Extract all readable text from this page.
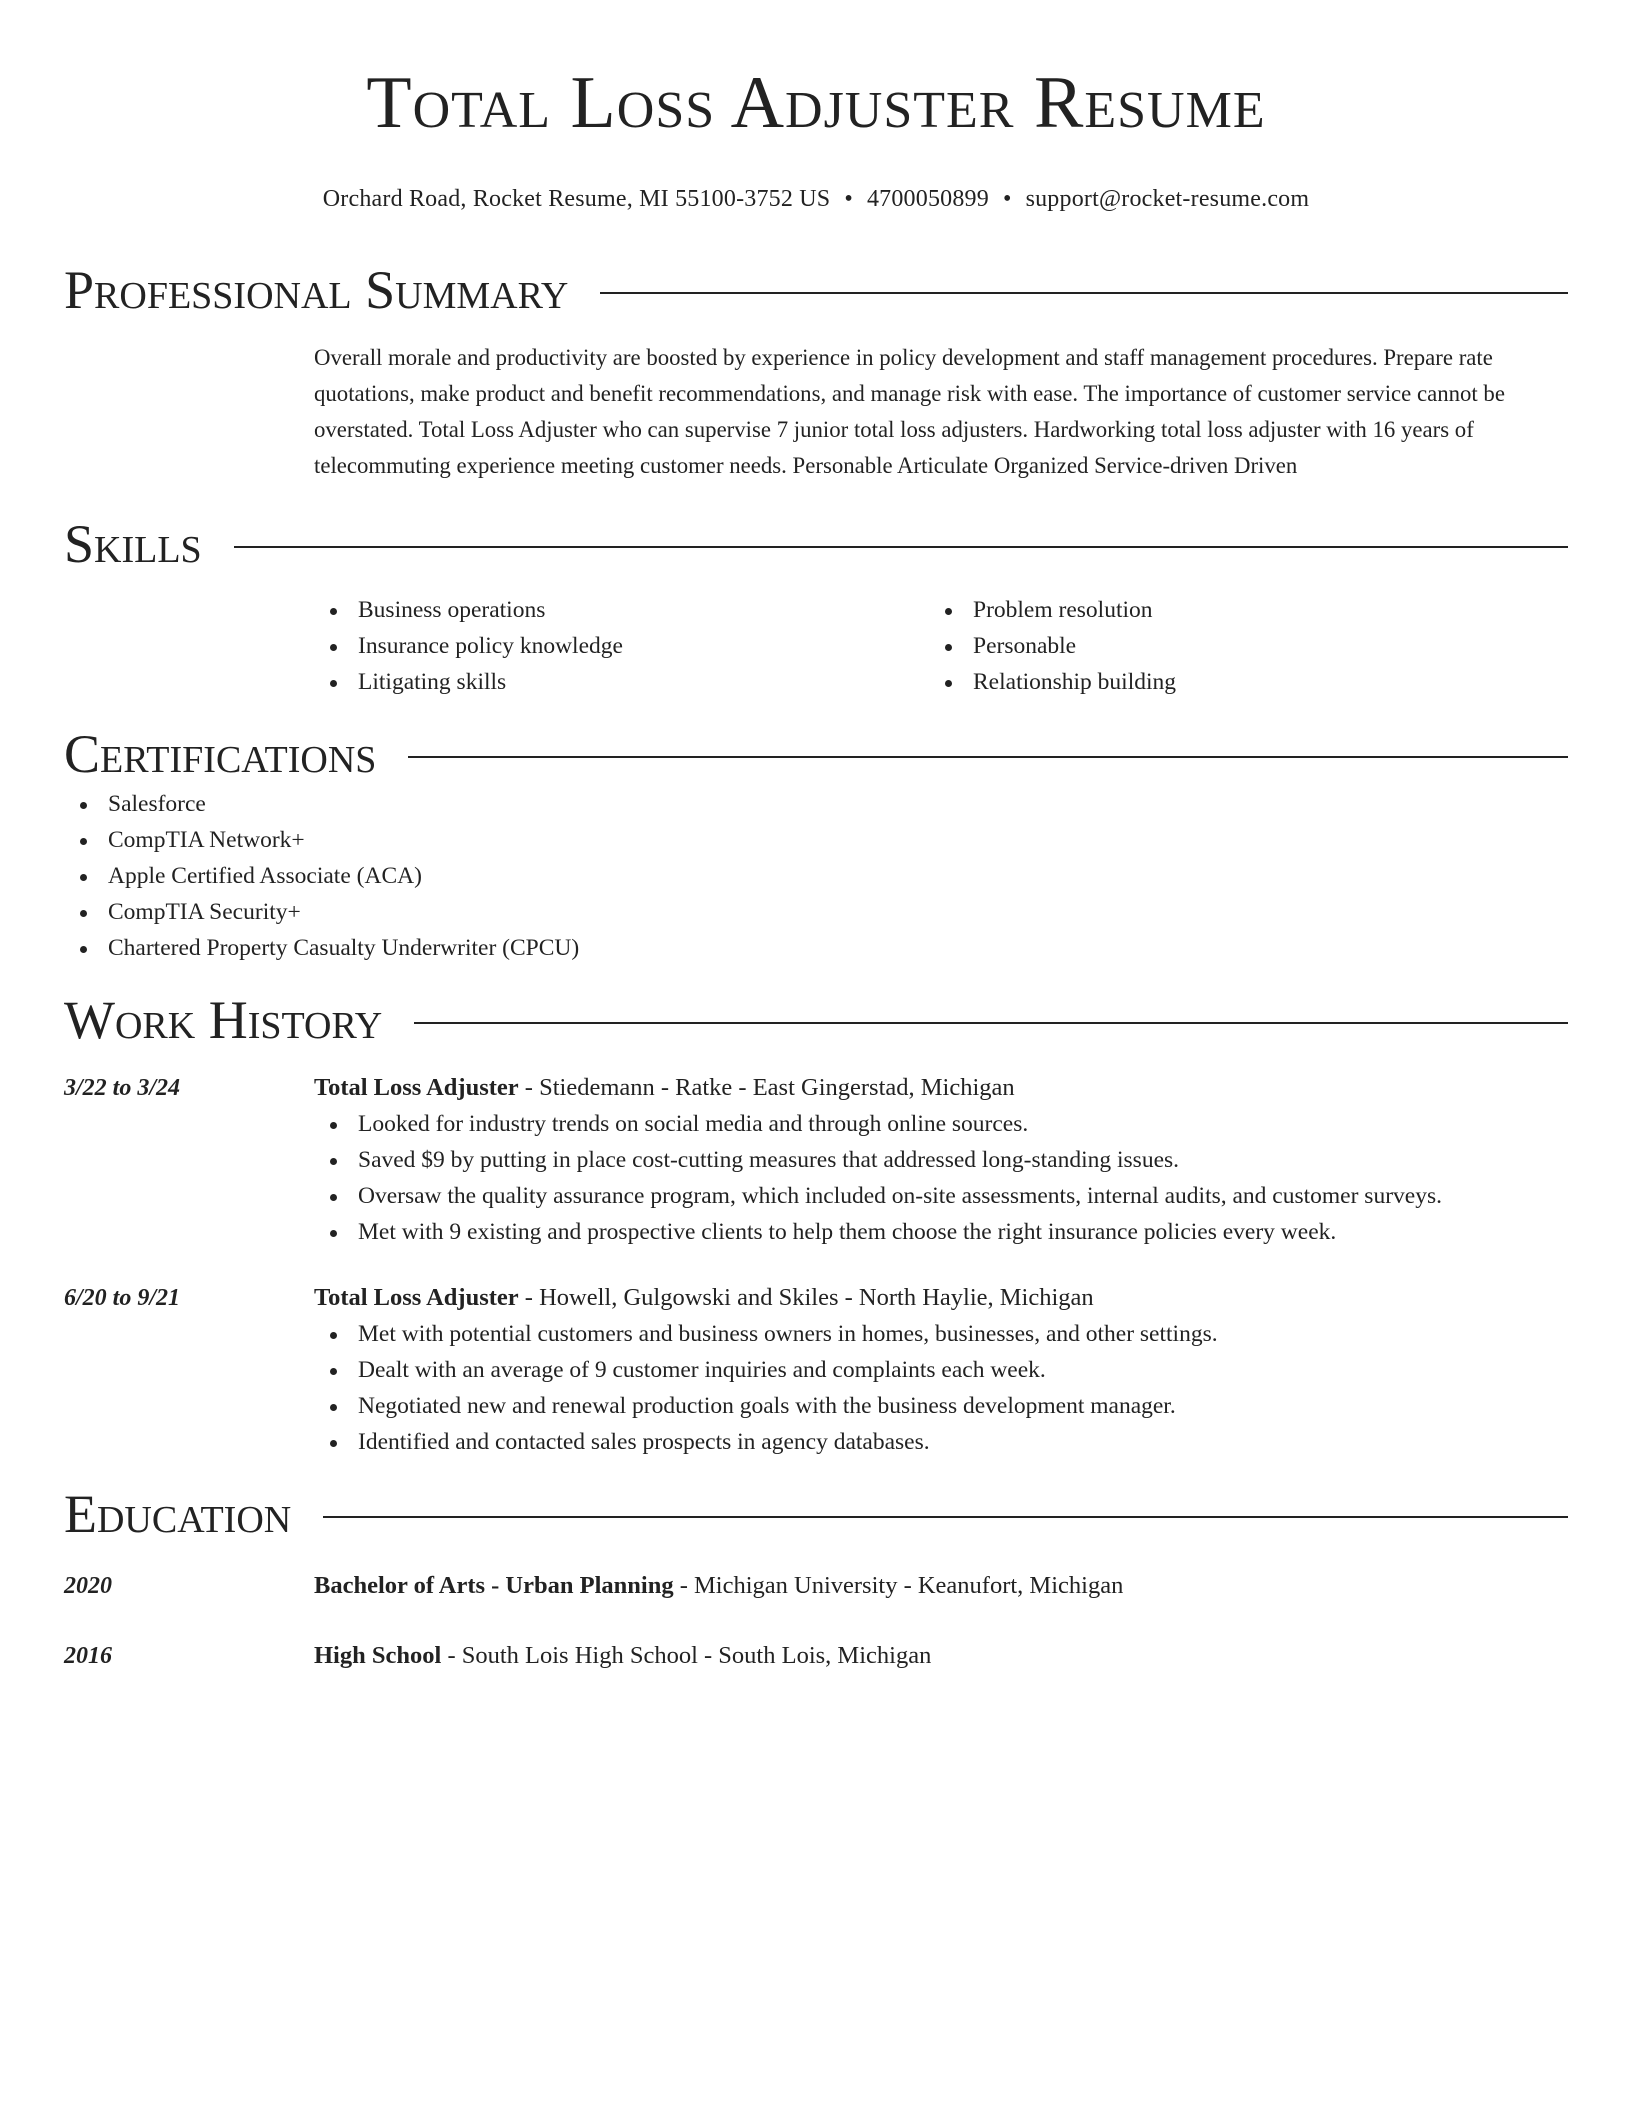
Total Loss Adjuster Resume
Orchard Road, Rocket Resume, MI 55100-3752 US • 4700050899 • support@rocket-resume.com
Professional Summary
Overall morale and productivity are boosted by experience in policy development and staff management procedures. Prepare rate quotations, make product and benefit recommendations, and manage risk with ease. The importance of customer service cannot be overstated. Total Loss Adjuster who can supervise 7 junior total loss adjusters. Hardworking total loss adjuster with 16 years of telecommuting experience meeting customer needs. Personable Articulate Organized Service-driven Driven
Skills
Business operations
Insurance policy knowledge
Litigating skills
Problem resolution
Personable
Relationship building
Certifications
Salesforce
CompTIA Network+
Apple Certified Associate (ACA)
CompTIA Security+
Chartered Property Casualty Underwriter (CPCU)
Work History
3/22 to 3/24	Total Loss Adjuster - Stiedemann - Ratke - East Gingerstad, Michigan
Looked for industry trends on social media and through online sources.
Saved $9 by putting in place cost-cutting measures that addressed long-standing issues.
Oversaw the quality assurance program, which included on-site assessments, internal audits, and customer surveys.
Met with 9 existing and prospective clients to help them choose the right insurance policies every week.
6/20 to 9/21	Total Loss Adjuster - Howell, Gulgowski and Skiles - North Haylie, Michigan
Met with potential customers and business owners in homes, businesses, and other settings.
Dealt with an average of 9 customer inquiries and complaints each week.
Negotiated new and renewal production goals with the business development manager.
Identified and contacted sales prospects in agency databases.
Education
2020	Bachelor of Arts - Urban Planning - Michigan University - Keanufort, Michigan
2016	High School - South Lois High School - South Lois, Michigan
